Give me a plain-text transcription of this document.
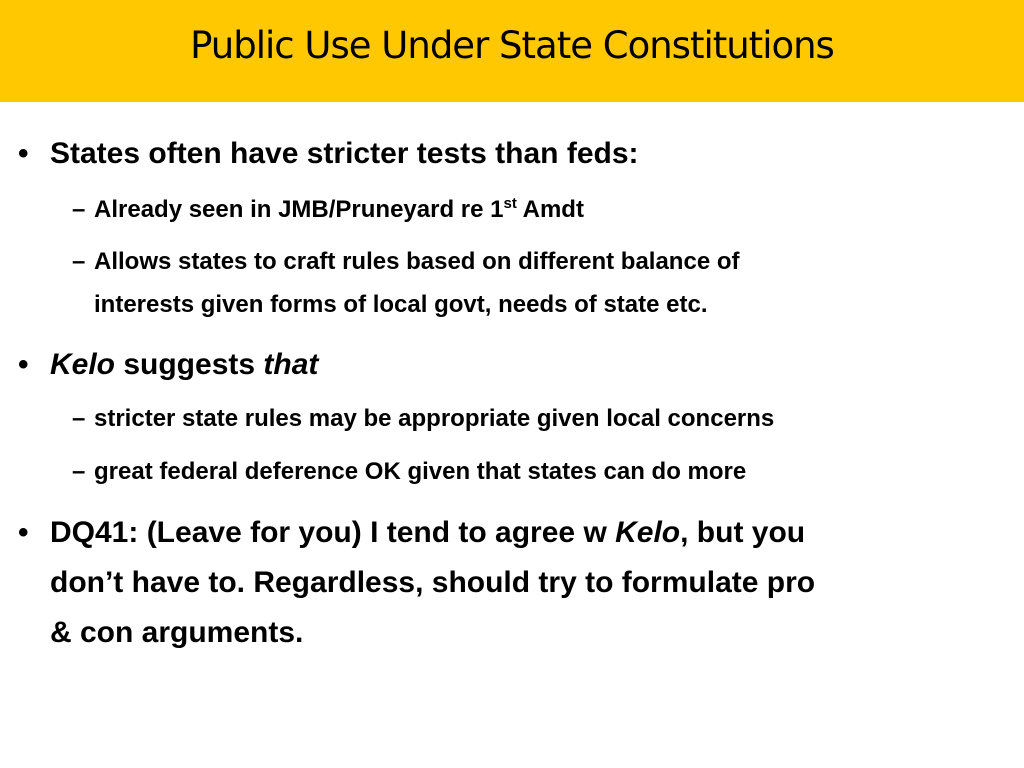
Public Use Under State Constitutions
• States often have stricter tests than feds:
– Already seen in JMB/Pruneyard re 1st Amdt
– Allows states to craft rules based on different balance of
interests given forms of local govt, needs of state etc.
• Kelo suggests that
– stricter state rules may be appropriate given local concerns
– great federal deference OK given that states can do more
• DQ41: (Leave for you) I tend to agree w Kelo, but you
don’t have to. Regardless, should try to formulate pro
& con arguments.
